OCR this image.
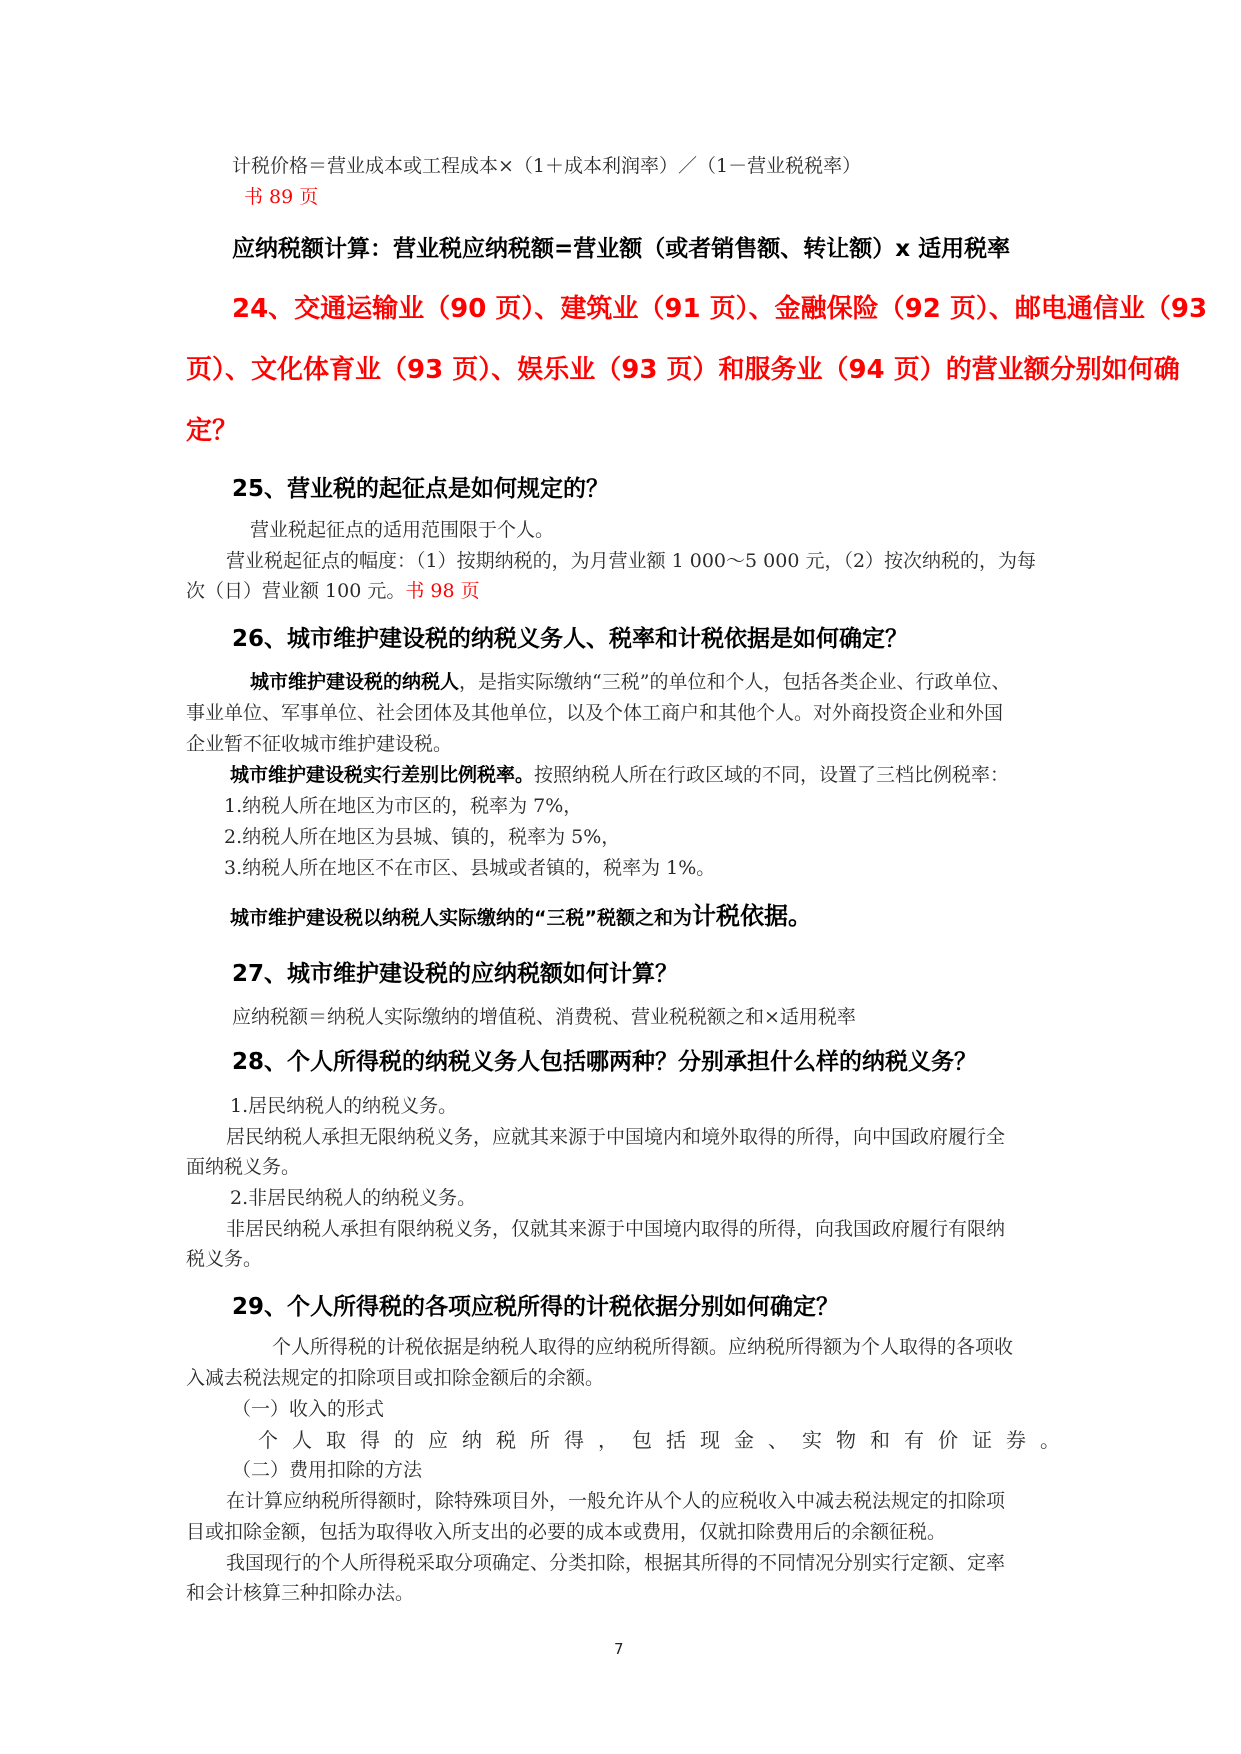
计税价格＝营业成本或工程成本×（1＋成本利润率）／（1－营业税税率）
书 89 页
应纳税额计算：营业税应纳税额=营业额（或者销售额、转让额）x 适用税率
24、交通运输业（90 页）、建筑业（91 页）、金融保险（92 页）、邮电通信业（93
页）、文化体育业（93 页）、娱乐业（93 页）和服务业（94 页）的营业额分别如何确
定？
25、营业税的起征点是如何规定的？
营业税起征点的适用范围限于个人。
营业税起征点的幅度：（1）按期纳税的，为月营业额 1 000～5 000 元，（2）按次纳税的，为每
次（日）营业额 100 元。书 98 页
26、城市维护建设税的纳税义务人、税率和计税依据是如何确定？
城市维护建设税的纳税人，是指实际缴纳“三税”的单位和个人，包括各类企业、行政单位、
事业单位、军事单位、社会团体及其他单位，以及个体工商户和其他个人。对外商投资企业和外国
企业暂不征收城市维护建设税。
城市维护建设税实行差别比例税率。按照纳税人所在行政区域的不同，设置了三档比例税率：
1.纳税人所在地区为市区的，税率为 7%，
2.纳税人所在地区为县城、镇的，税率为 5%，
3.纳税人所在地区不在市区、县城或者镇的，税率为 1%。
城市维护建设税以纳税人实际缴纳的“三税”税额之和为计税依据。
27、城市维护建设税的应纳税额如何计算？
应纳税额＝纳税人实际缴纳的增值税、消费税、营业税税额之和×适用税率
28、个人所得税的纳税义务人包括哪两种？分别承担什么样的纳税义务？
1.居民纳税人的纳税义务。
居民纳税人承担无限纳税义务，应就其来源于中国境内和境外取得的所得，向中国政府履行全
面纳税义务。
2.非居民纳税人的纳税义务。
非居民纳税人承担有限纳税义务，仅就其来源于中国境内取得的所得，向我国政府履行有限纳
税义务。
29、个人所得税的各项应税所得的计税依据分别如何确定？
个人所得税的计税依据是纳税人取得的应纳税所得额。应纳税所得额为个人取得的各项收
入减去税法规定的扣除项目或扣除金额后的余额。
（一）收入的形式
个人取得的应纳税所得，包括现金、实物和有价证券。
（二）费用扣除的方法
在计算应纳税所得额时，除特殊项目外，一般允许从个人的应税收入中减去税法规定的扣除项
目或扣除金额，包括为取得收入所支出的必要的成本或费用，仅就扣除费用后的余额征税。
我国现行的个人所得税采取分项确定、分类扣除，根据其所得的不同情况分别实行定额、定率
和会计核算三种扣除办法。
7
